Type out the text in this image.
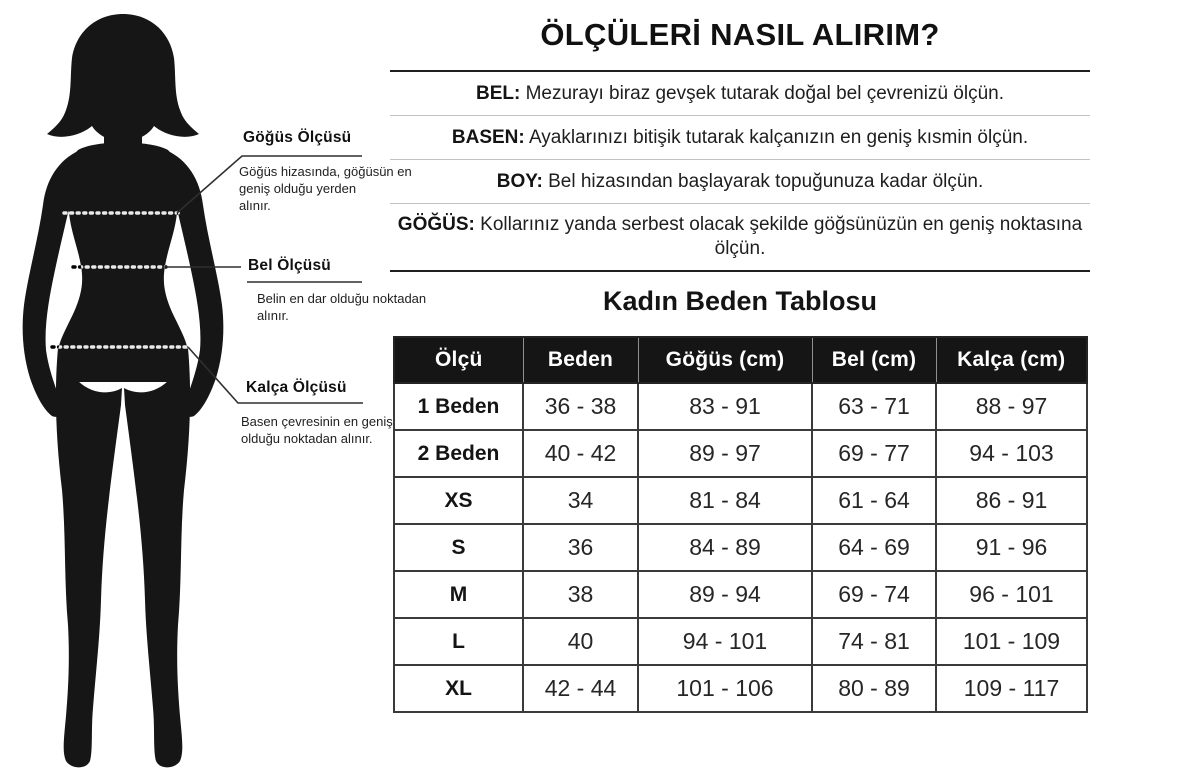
Göğüs Ölçüsü
Göğüs hizasında, göğüsün en
geniş olduğu yerden
alınır.
Bel Ölçüsü
Belin en dar olduğu noktadan
alınır.
Kalça Ölçüsü
Basen çevresinin en geniş
olduğu noktadan alınır.
ÖLÇÜLERİ NASIL ALIRIM?
BEL: Mezurayı biraz gevşek tutarak doğal bel çevrenizü ölçün.
BASEN: Ayaklarınızı bitişik tutarak kalçanızın en geniş kısmin ölçün.
BOY: Bel hizasından başlayarak topuğunuza kadar ölçün.
GÖĞÜS: Kollarınız yanda serbest olacak şekilde göğsünüzün en geniş noktasına ölçün.
Kadın Beden Tablosu
Ölçü	Beden	Göğüs (cm)	Bel (cm)	Kalça (cm)
1 Beden	36 - 38	83 - 91	63 - 71	88 - 97
2 Beden	40 - 42	89 - 97	69 - 77	94 - 103
XS	34	81 - 84	61 - 64	86 - 91
S	36	84 - 89	64 - 69	91 - 96
M	38	89 - 94	69 - 74	96 - 101
L	40	94 - 101	74 - 81	101 - 109
XL	42 - 44	101 - 106	80 - 89	109 - 117
